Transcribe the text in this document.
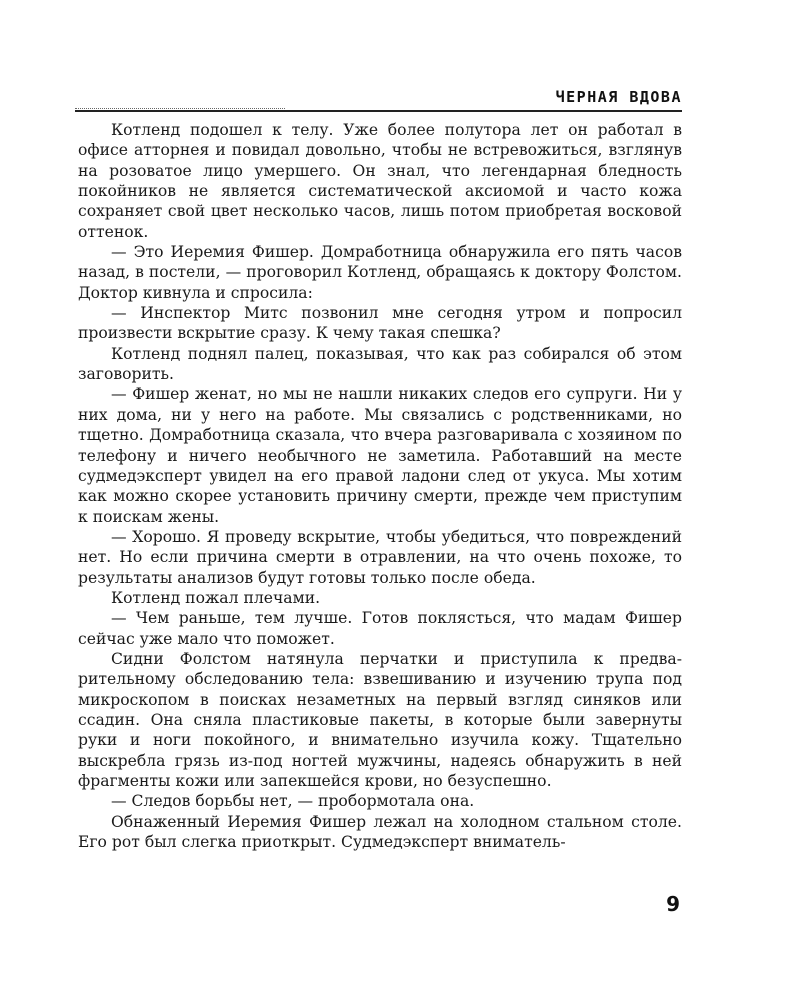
ЧЕРНАЯ ВДОВА

Котленд подошел к телу. Уже более полутора лет он работал в офисе атторнея и повидал довольно, чтобы не встревожиться, взглянув на розоватое лицо умершего. Он знал, что легендарная бледность покойников не является систематической аксиомой и часто кожа сохраняет свой цвет несколько часов, лишь потом приобретая восковой оттенок.

— Это Иеремия Фишер. Домработница обнаружила его пять часов назад, в постели, — проговорил Котленд, обращаясь к доктору Фолстом. Доктор кивнула и спросила:

— Инспектор Митс позвонил мне сегодня утром и попросил произвести вскрытие сразу. К чему такая спешка?

Котленд поднял палец, показывая, что как раз собирался об этом заговорить.

— Фишер женат, но мы не нашли никаких следов его супруги. Ни у них дома, ни у него на работе. Мы связались с родственниками, но тщетно. Домработница сказала, что вчера разговаривала с хозяином по телефону и ничего необычного не заметила. Работавший на месте судмедэксперт увидел на его правой ладони след от укуса. Мы хотим как можно скорее установить причину смерти, прежде чем приступим к поискам жены.

— Хорошо. Я проведу вскрытие, чтобы убедиться, что повреждений нет. Но если причина смерти в отравлении, на что очень похоже, то результаты анализов будут готовы только после обеда.

Котленд пожал плечами.

— Чем раньше, тем лучше. Готов поклясться, что мадам Фишер сейчас уже мало что поможет.

Сидни Фолстом натянула перчатки и приступила к предварительному обследованию тела: взвешиванию и изучению трупа под микроскопом в поисках незаметных на первый взгляд синяков или ссадин. Она сняла пластиковые пакеты, в которые были завернуты руки и ноги покойного, и внимательно изучила кожу. Тщательно выскребла грязь из-под ногтей мужчины, надеясь обнаружить в ней фрагменты кожи или запекшейся крови, но безуспешно.

— Следов борьбы нет, — пробормотала она.

Обнаженный Иеремия Фишер лежал на холодном стальном столе. Его рот был слегка приоткрыт. Судмедэксперт вниматель-

9
